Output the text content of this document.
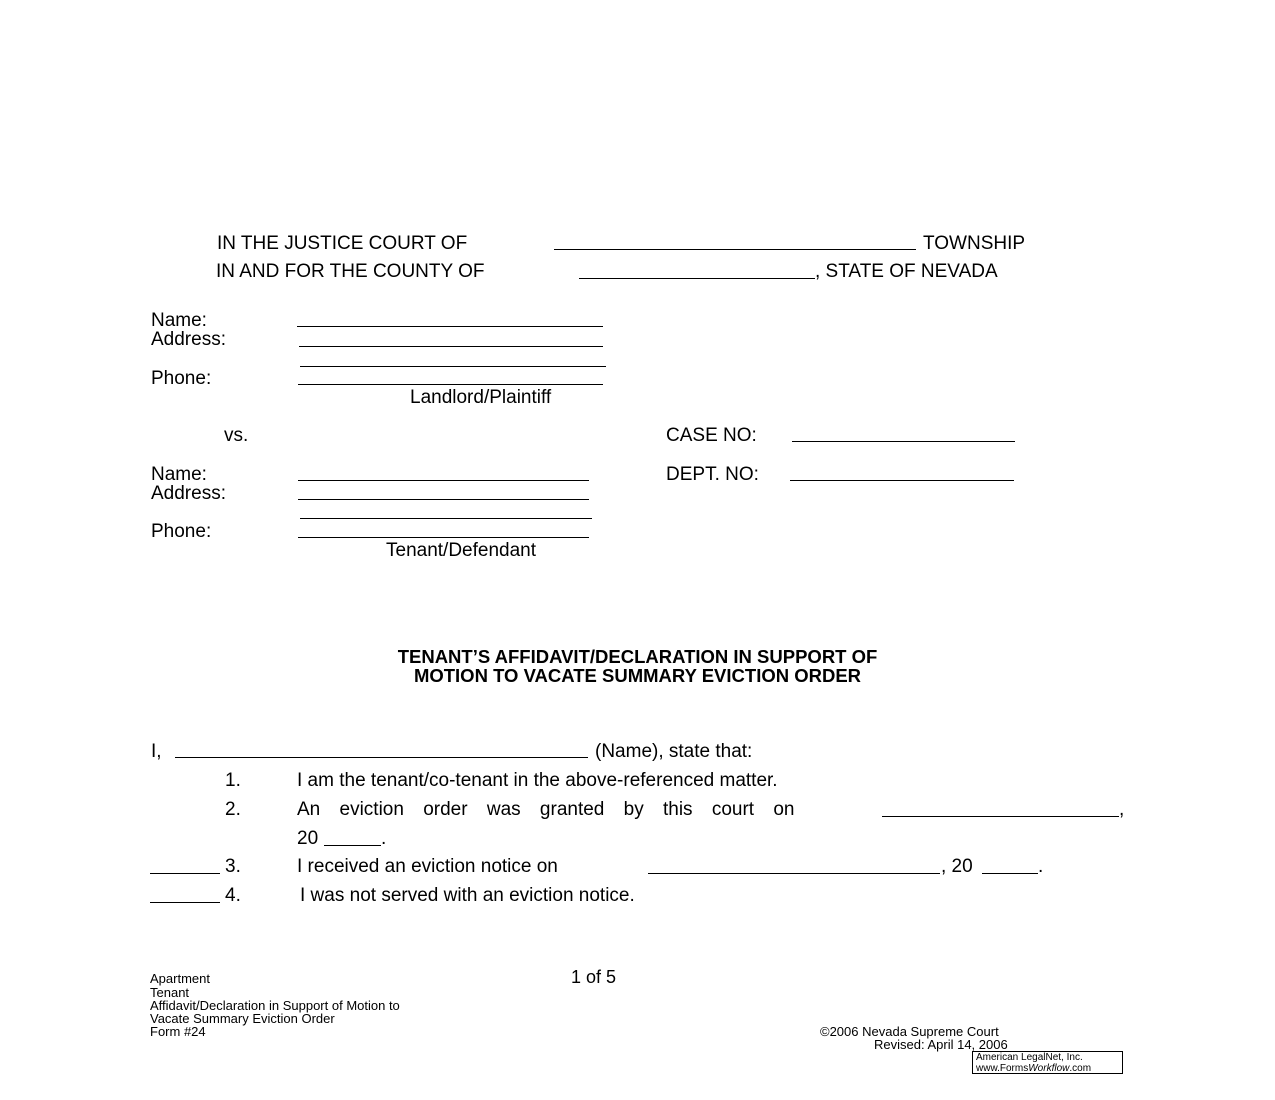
IN THE JUSTICE COURT OF	TOWNSHIP
IN AND FOR THE COUNTY OF	, STATE OF NEVADA
Name:
Address:
Phone:
Landlord/Plaintiff
vs.	CASE NO:
Name:	DEPT. NO:
Address:
Phone:
Tenant/Defendant
TENANT’S AFFIDAVIT/DECLARATION IN SUPPORT OF
MOTION TO VACATE SUMMARY EVICTION ORDER
I,	(Name), state that:
1.	I am the tenant/co-tenant in the above-referenced matter.
2.	An eviction order was granted by this court on	,
20	.
3.	I received an eviction notice on	, 20	.
4.	I was not served with an eviction notice.
Apartment
Tenant
Affidavit/Declaration in Support of Motion to
Vacate Summary Eviction Order
Form #24
1 of 5
©2006 Nevada Supreme Court
Revised: April 14, 2006
American LegalNet, Inc.
www.FormsWorkflow.com
